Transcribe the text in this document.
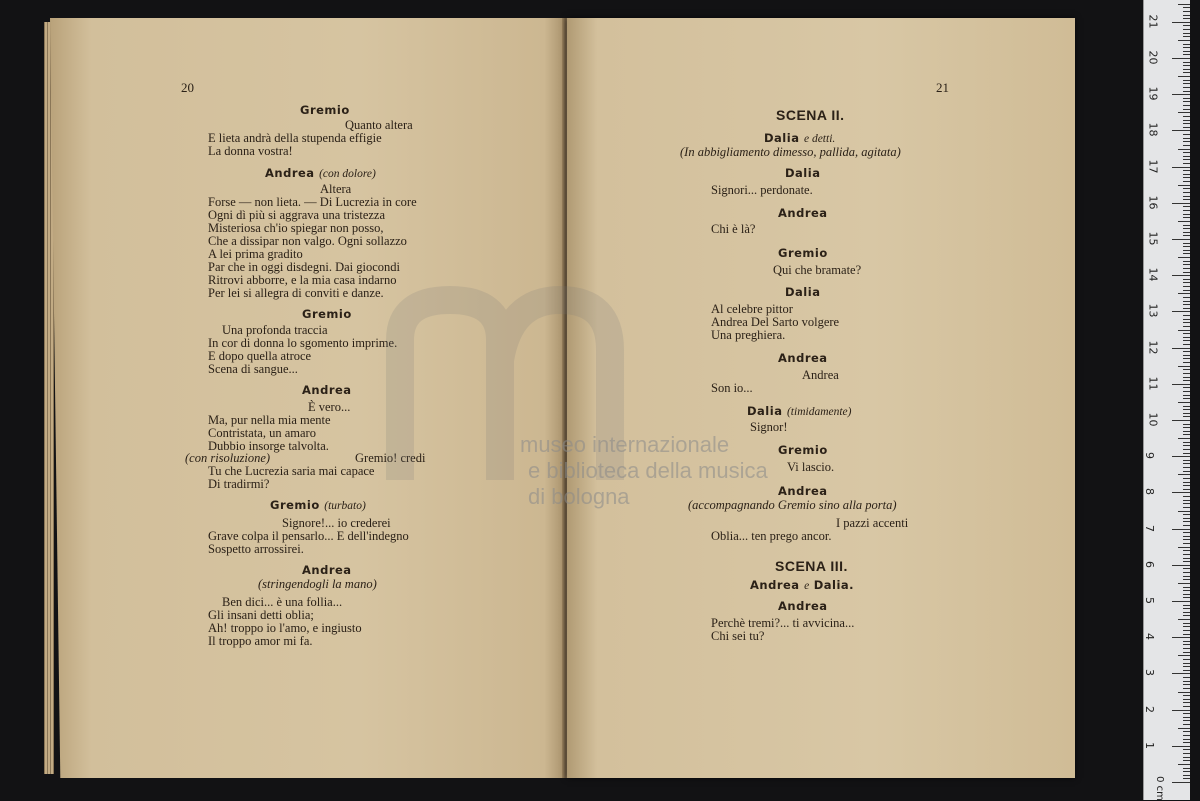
20	21
Gremio
Quanto altera
E lieta andrà della stupenda effigie
La donna vostra!
Andrea (con dolore)
Altera
Forse — non lieta. — Di Lucrezia in core
Ogni dì più si aggrava una tristezza
Misteriosa ch'io spiegar non posso,
Che a dissipar non valgo. Ogni sollazzo
A lei prima gradito
Par che in oggi disdegni. Dai giocondi
Ritrovi abborre, e la mia casa indarno
Per lei si allegra di conviti e danze.
Gremio
Una profonda traccia
In cor di donna lo sgomento imprime.
E dopo quella atroce
Scena di sangue...
Andrea
È vero...
Ma, pur nella mia mente
Contristata, un amaro
Dubbio insorge talvolta.
(con risoluzione)	Gremio! credi
Tu che Lucrezia saria mai capace
Di tradirmi?
Gremio (turbato)
Signore!... io crederei
Grave colpa il pensarlo... E dell'indegno
Sospetto arrossirei.
Andrea
(stringendogli la mano)
Ben dici... è una follia...
Gli insani detti oblia;
Ah! troppo io l'amo, e ingiusto
Il troppo amor mi fa.
SCENA II.
Dalia e detti.
(In abbigliamento dimesso, pallida, agitata)
Dalia
Signori... perdonate.
Andrea
Chi è là?
Gremio
Qui che bramate?
Dalia
Al celebre pittor
Andrea Del Sarto volgere
Una preghiera.
Andrea
Andrea
Son io...
Dalia (timidamente)
Signor!
Gremio
Vi lascio.
Andrea
(accompagnando Gremio sino alla porta)
I pazzi accenti
Oblia... ten prego ancor.
SCENA III.
Andrea e Dalia.
Andrea
Perchè tremi?... ti avvicina...
Chi sei tu?
museo internazionale
e biblioteca della musica
di bologna
0 cm
1
2
3
4
5
6
7
8
9
10
11
12
13
14
15
16
17
18
19
20
21
